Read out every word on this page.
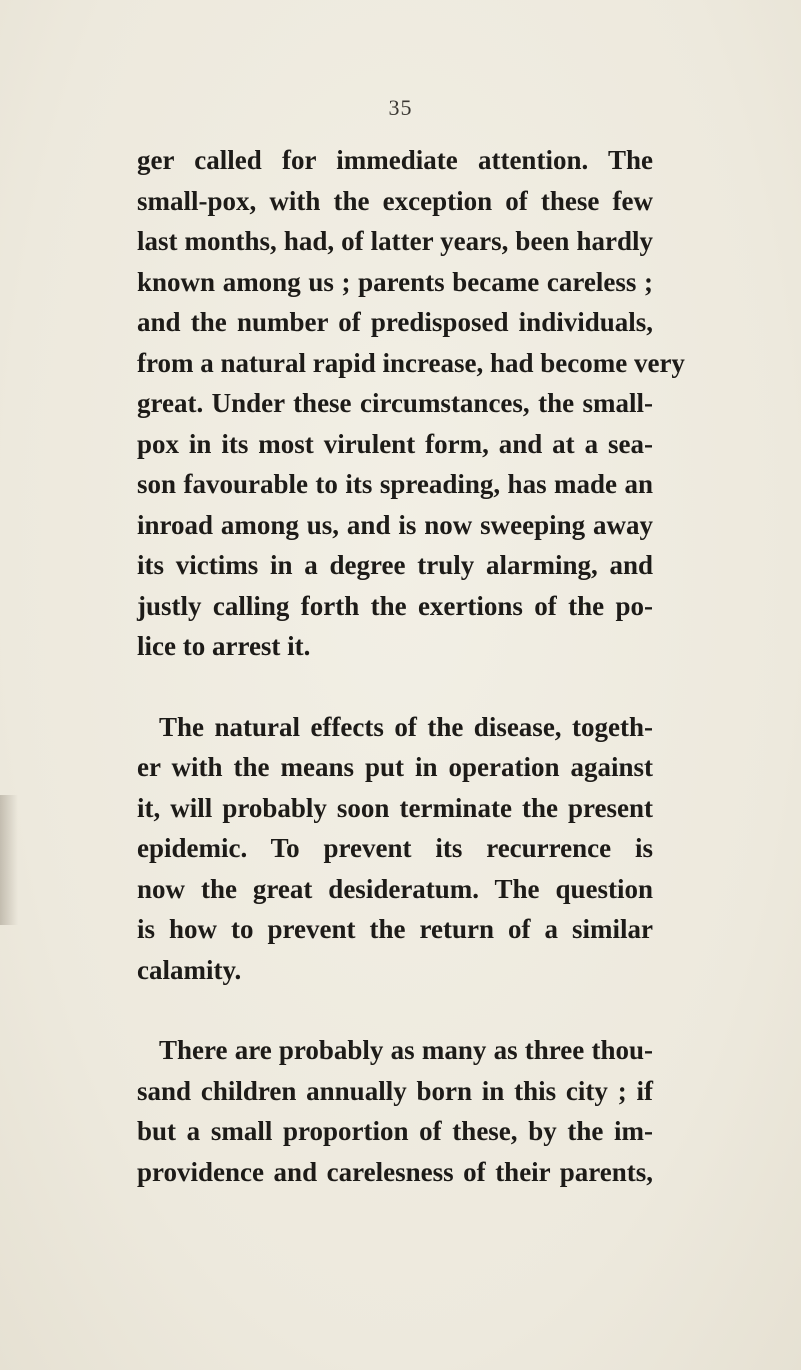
35
ger called for immediate attention. The
small-pox, with the exception of these few
last months, had, of latter years, been hardly
known among us ; parents became careless ;
and the number of predisposed individuals,
from a natural rapid increase, had become very
great. Under these circumstances, the small-
pox in its most virulent form, and at a sea-
son favourable to its spreading, has made an
inroad among us, and is now sweeping away
its victims in a degree truly alarming, and
justly calling forth the exertions of the po-
lice to arrest it.
The natural effects of the disease, togeth-
er with the means put in operation against
it, will probably soon terminate the present
epidemic. To prevent its recurrence is
now the great desideratum. The question
is how to prevent the return of a similar
calamity.
There are probably as many as three thou-
sand children annually born in this city ; if
but a small proportion of these, by the im-
providence and carelesness of their parents,
